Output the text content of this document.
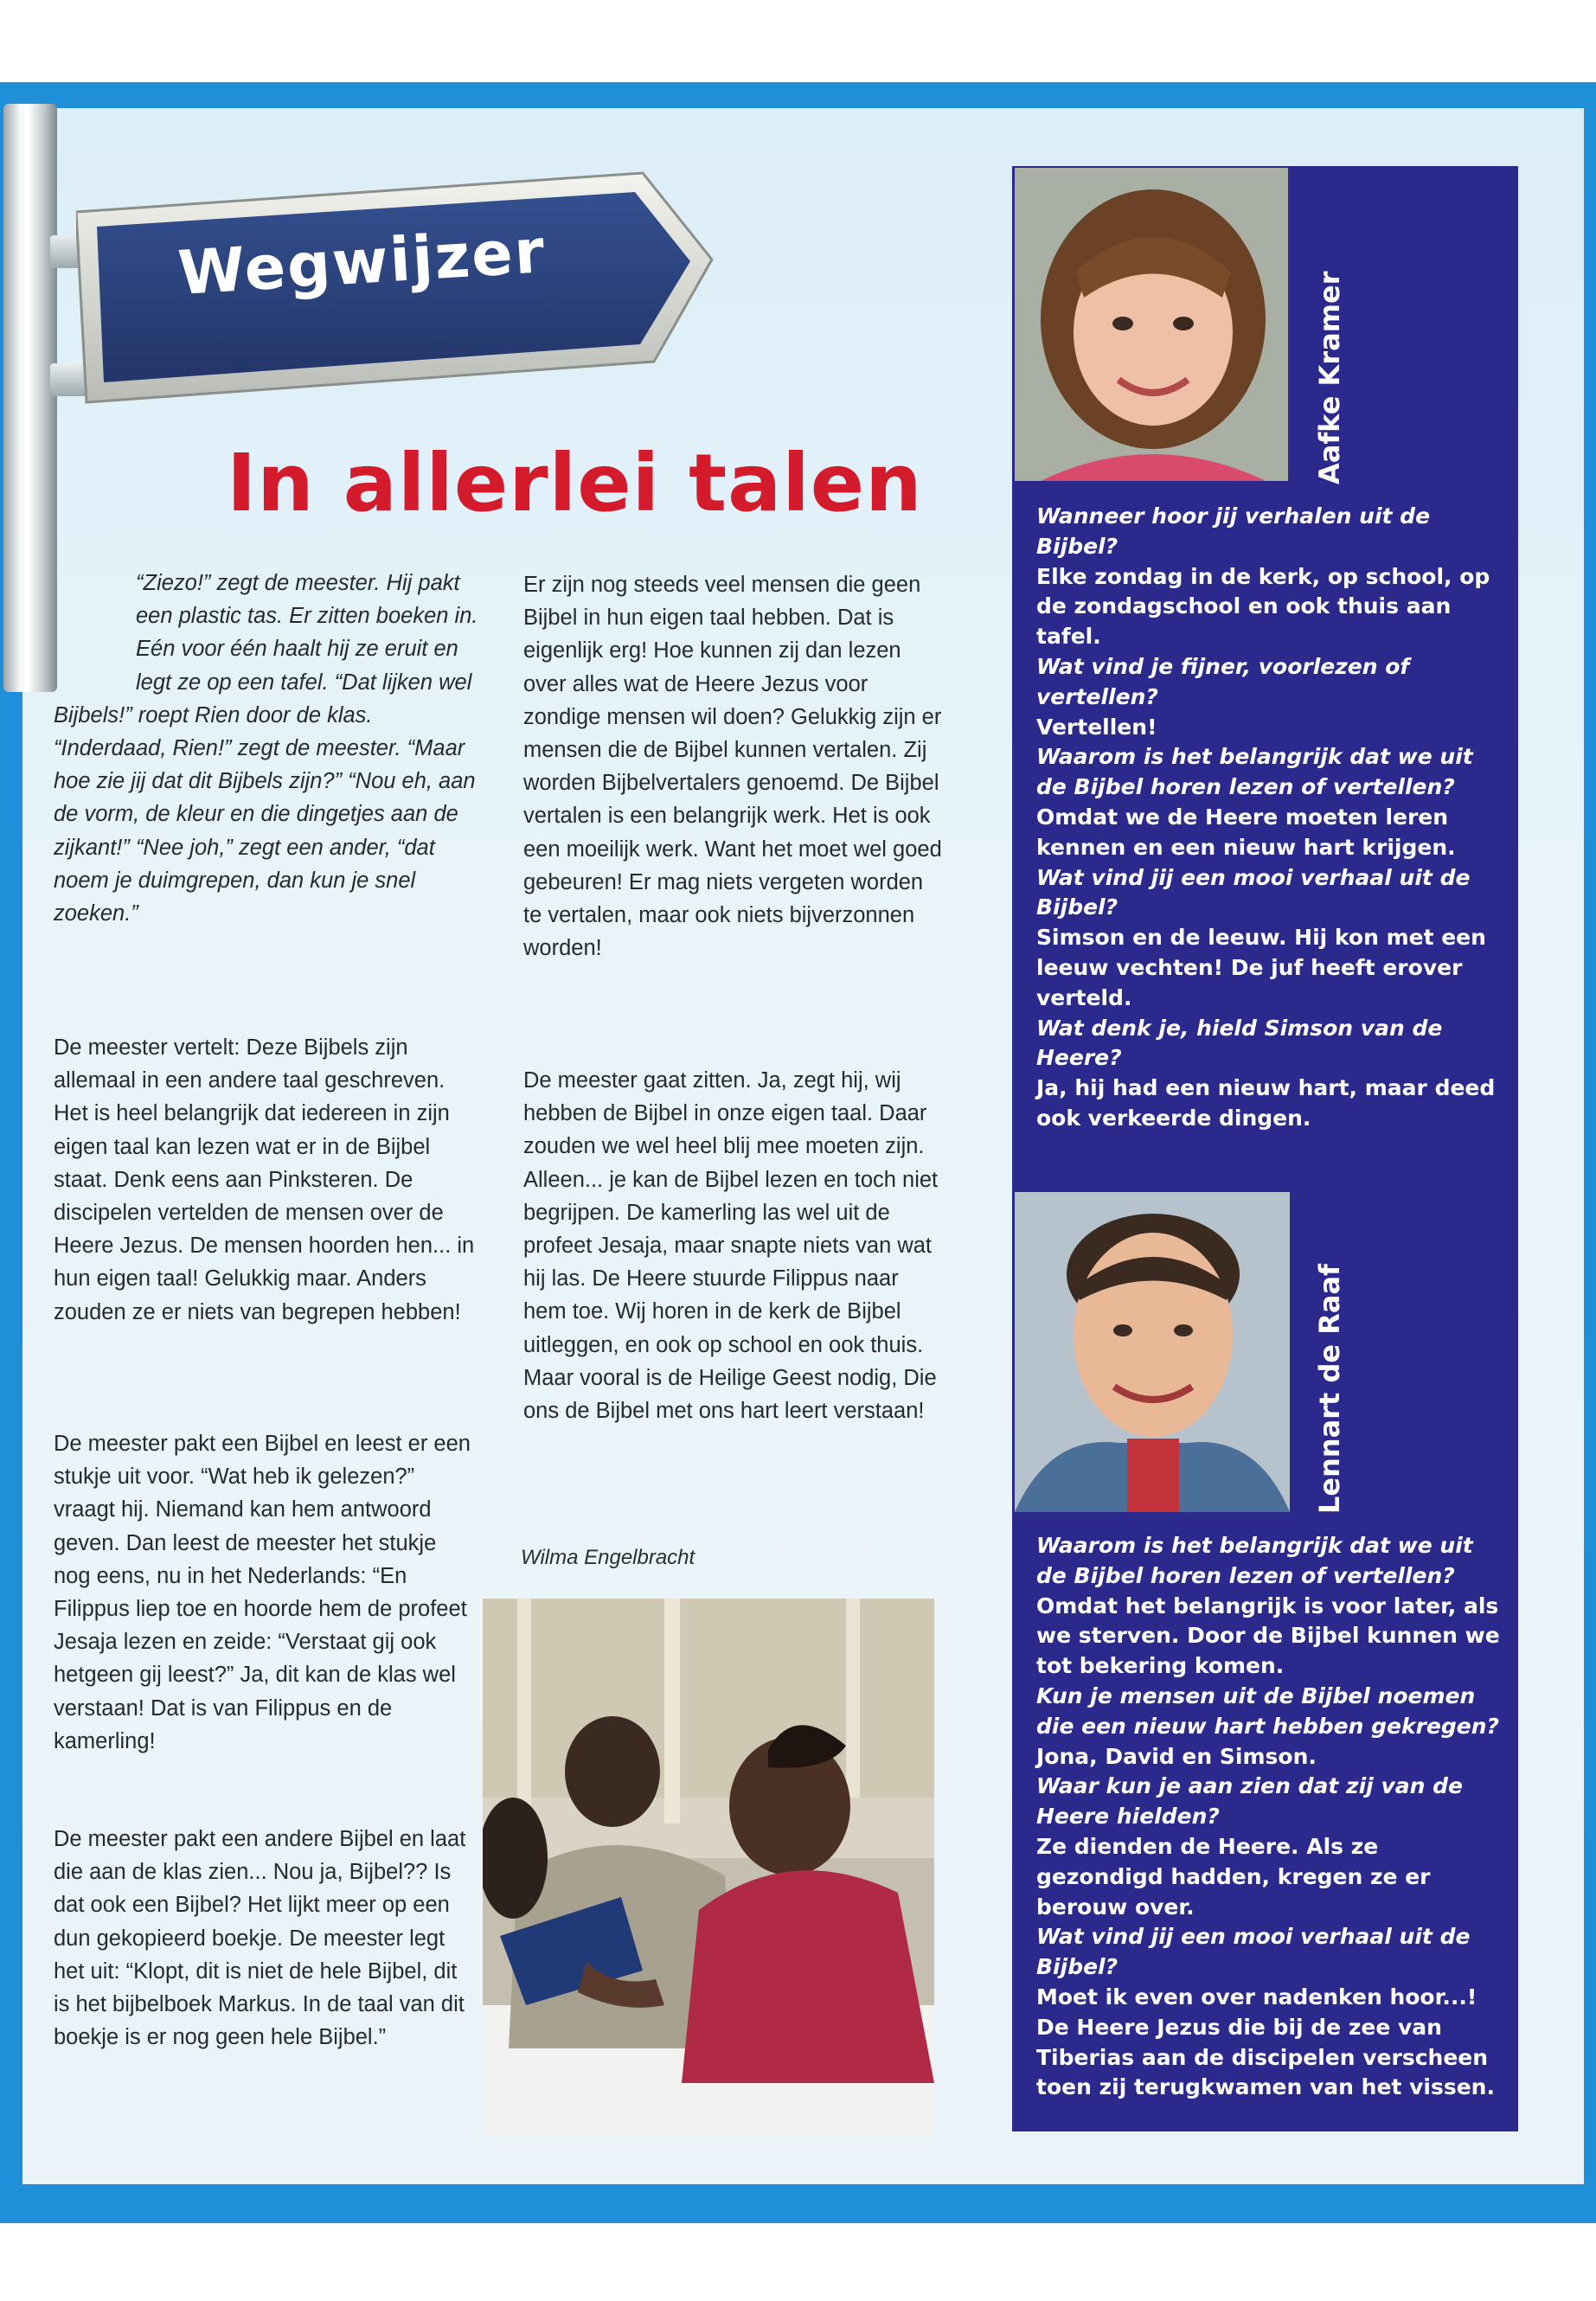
Wegwijzer
In allerlei talen
“Ziezo!” zegt de meester. Hij pakt een plastic tas. Er zitten boeken in. Eén voor één haalt hij ze eruit en legt ze op een tafel. “Dat lijken wel Bijbels!” roept Rien door de klas. “Inderdaad, Rien!” zegt de meester. “Maar hoe zie jij dat dit Bijbels zijn?” “Nou eh, aan de vorm, de kleur en die dingetjes aan de zijkant!” “Nee joh,” zegt een ander, “dat noem je duimgrepen, dan kun je snel zoeken.”

De meester vertelt: Deze Bijbels zijn allemaal in een andere taal geschreven. Het is heel belangrijk dat iedereen in zijn eigen taal kan lezen wat er in de Bijbel staat. Denk eens aan Pinksteren. De discipelen vertelden de mensen over de Heere Jezus. De mensen hoorden hen... in hun eigen taal! Gelukkig maar. Anders zouden ze er niets van begrepen hebben!

De meester pakt een Bijbel en leest er een stukje uit voor. “Wat heb ik gelezen?” vraagt hij. Niemand kan hem antwoord geven. Dan leest de meester het stukje nog eens, nu in het Nederlands: “En Filippus liep toe en hoorde hem de profeet Jesaja lezen en zeide: “Verstaat gij ook hetgeen gij leest?” Ja, dit kan de klas wel verstaan! Dat is van Filippus en de kamerling!

De meester pakt een andere Bijbel en laat die aan de klas zien... Nou ja, Bijbel?? Is dat ook een Bijbel? Het lijkt meer op een dun gekopieerd boekje. De meester legt het uit: “Klopt, dit is niet de hele Bijbel, dit is het bijbelboek Markus. In de taal van dit boekje is er nog geen hele Bijbel.”

Er zijn nog steeds veel mensen die geen Bijbel in hun eigen taal hebben. Dat is eigenlijk erg! Hoe kunnen zij dan lezen over alles wat de Heere Jezus voor zondige mensen wil doen? Gelukkig zijn er mensen die de Bijbel kunnen vertalen. Zij worden Bijbelvertalers genoemd. De Bijbel vertalen is een belangrijk werk. Het is ook een moeilijk werk. Want het moet wel goed gebeuren! Er mag niets vergeten worden te vertalen, maar ook niets bijverzonnen worden!

De meester gaat zitten. Ja, zegt hij, wij hebben de Bijbel in onze eigen taal. Daar zouden we wel heel blij mee moeten zijn. Alleen... je kan de Bijbel lezen en toch niet begrijpen. De kamerling las wel uit de profeet Jesaja, maar snapte niets van wat hij las. De Heere stuurde Filippus naar hem toe. Wij horen in de kerk de Bijbel uitleggen, en ook op school en ook thuis. Maar vooral is de Heilige Geest nodig, Die ons de Bijbel met ons hart leert verstaan!

Wilma Engelbracht

Aafke Kramer

Wanneer hoor jij verhalen uit de Bijbel?

Elke zondag in de kerk, op school, op de zondagschool en ook thuis aan tafel.

Wat vind je fijner, voorlezen of vertellen?

Vertellen!

Waarom is het belangrijk dat we uit de Bijbel horen lezen of vertellen?

Omdat we de Heere moeten leren kennen en een nieuw hart krijgen.

Wat vind jij een mooi verhaal uit de Bijbel?

Simson en de leeuw. Hij kon met een leeuw vechten! De juf heeft erover verteld.

Wat denk je, hield Simson van de Heere?

Ja, hij had een nieuw hart, maar deed ook verkeerde dingen.

Lennart de Raaf

Waarom is het belangrijk dat we uit de Bijbel horen lezen of vertellen?

Omdat het belangrijk is voor later, als we sterven. Door de Bijbel kunnen we tot bekering komen.

Kun je mensen uit de Bijbel noemen die een nieuw hart hebben gekregen?

Jona, David en Simson.

Waar kun je aan zien dat zij van de Heere hielden?

Ze dienden de Heere. Als ze gezondigd hadden, kregen ze er berouw over.

Wat vind jij een mooi verhaal uit de Bijbel?

Moet ik even over nadenken hoor...! De Heere Jezus die bij de zee van Tiberias aan de discipelen verscheen toen zij terugkwamen van het vissen.
